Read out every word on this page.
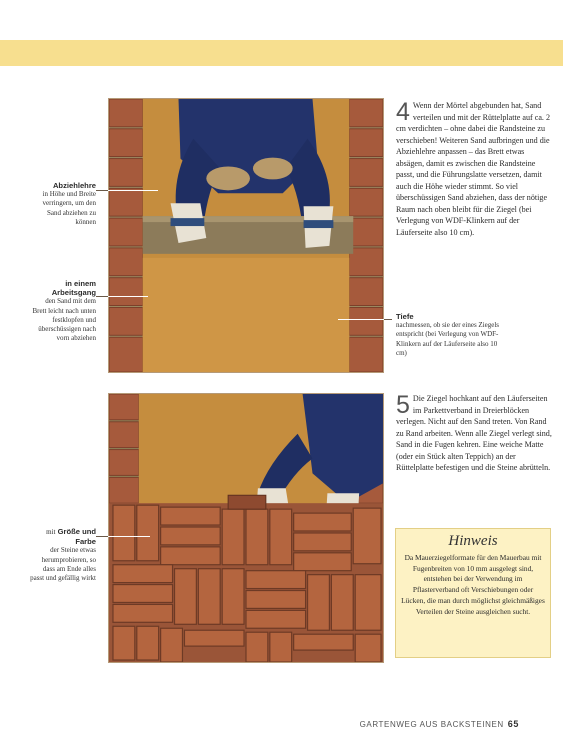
Abziehlehre
in Höhe und Breite verringern, um den Sand abziehen zu können
in einem Arbeitsgang
den Sand mit dem Brett leicht nach unten festklopfen und überschüssigen nach vorn abziehen
mit Größe und Farbe
der Steine etwas herumprobieren, so dass am Ende alles passt und gefällig wirkt
Tiefe
nachmessen, ob sie der eines Ziegels entspricht (bei Verlegung von WDF-Klinkern auf der Läuferseite also 10 cm)
4 Wenn der Mörtel abgebunden hat, Sand verteilen und mit der Rüttelplatte auf ca. 2 cm verdichten – ohne dabei die Randsteine zu verschieben! Weiteren Sand aufbringen und die Abziehlehre anpassen – das Brett etwas absägen, damit es zwischen die Randsteine passt, und die Führungslatte versetzen, damit auch die Höhe wieder stimmt. So viel überschüssigen Sand abziehen, dass der nötige Raum nach oben bleibt für die Ziegel (bei Verlegung von WDF-Klinkern auf der Läuferseite also 10 cm).
5 Die Ziegel hochkant auf den Läuferseiten im Parkettverband in Dreierblöcken verlegen. Nicht auf den Sand treten. Von Rand zu Rand arbeiten. Wenn alle Ziegel verlegt sind, Sand in die Fugen kehren. Eine weiche Matte (oder ein Stück alten Teppich) an der Rüttelplatte befestigen und die Steine abrütteln.
Hinweis
Da Mauerziegelformate für den Mauerbau mit Fugenbreiten von 10 mm ausgelegt sind, entstehen bei der Verwendung im Pflasterverband oft Verschiebungen oder Lücken, die man durch möglichst gleichmäßiges Verteilen der Steine ausgleichen sucht.
GARTENWEG AUS BACKSTEINEN 65
